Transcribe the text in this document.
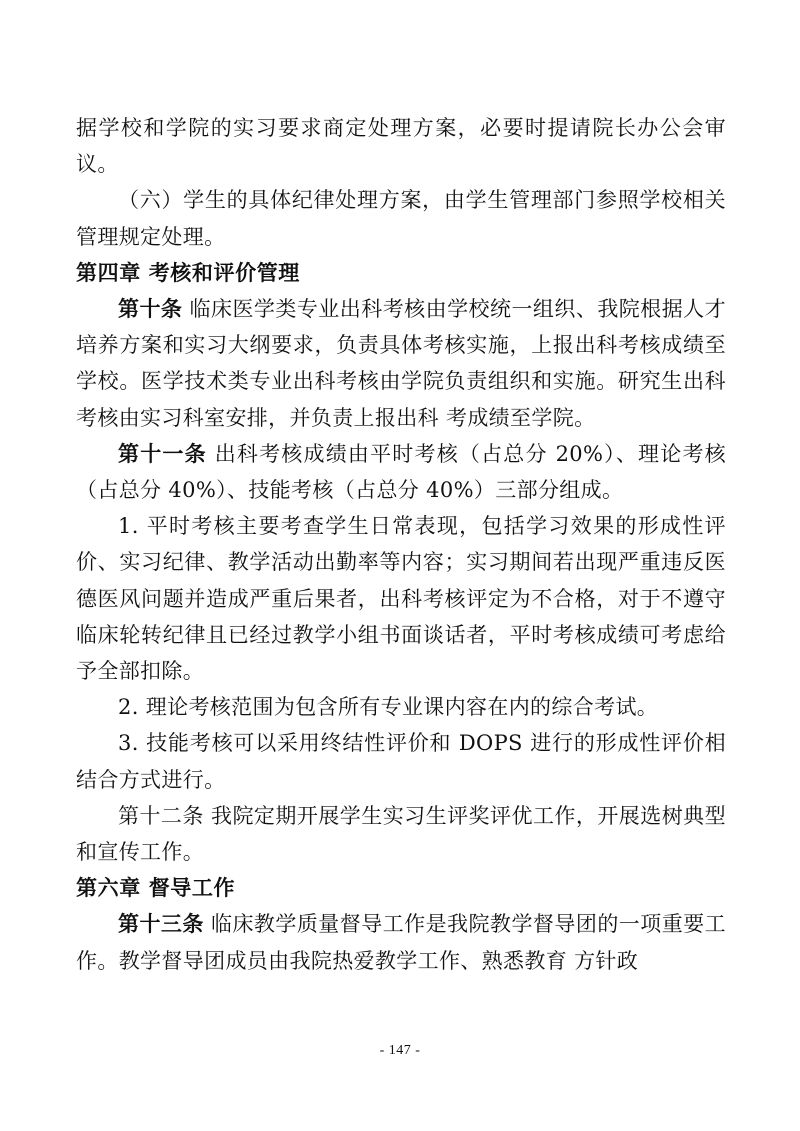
据学校和学院的实习要求商定处理方案，必要时提请院长办公会审议。

（六）学生的具体纪律处理方案，由学生管理部门参照学校相关管理规定处理。

第四章 考核和评价管理

第十条 临床医学类专业出科考核由学校统一组织、我院根据人才培养方案和实习大纲要求，负责具体考核实施，上报出科考核成绩至学校。医学技术类专业出科考核由学院负责组织和实施。研究生出科考核由实习科室安排，并负责上报出科 考成绩至学院。

第十一条 出科考核成绩由平时考核（占总分 20%）、理论考核（占总分 40%）、技能考核（占总分 40%）三部分组成。

1. 平时考核主要考查学生日常表现，包括学习效果的形成性评价、实习纪律、教学活动出勤率等内容；实习期间若出现严重违反医德医风问题并造成严重后果者，出科考核评定为不合格，对于不遵守临床轮转纪律且已经过教学小组书面谈话者，平时考核成绩可考虑给予全部扣除。

2. 理论考核范围为包含所有专业课内容在内的综合考试。

3. 技能考核可以采用终结性评价和 DOPS 进行的形成性评价相结合方式进行。

第十二条 我院定期开展学生实习生评奖评优工作，开展选树典型和宣传工作。

第六章 督导工作

第十三条 临床教学质量督导工作是我院教学督导团的一项重要工作。教学督导团成员由我院热爱教学工作、熟悉教育 方针政

- 147 -
